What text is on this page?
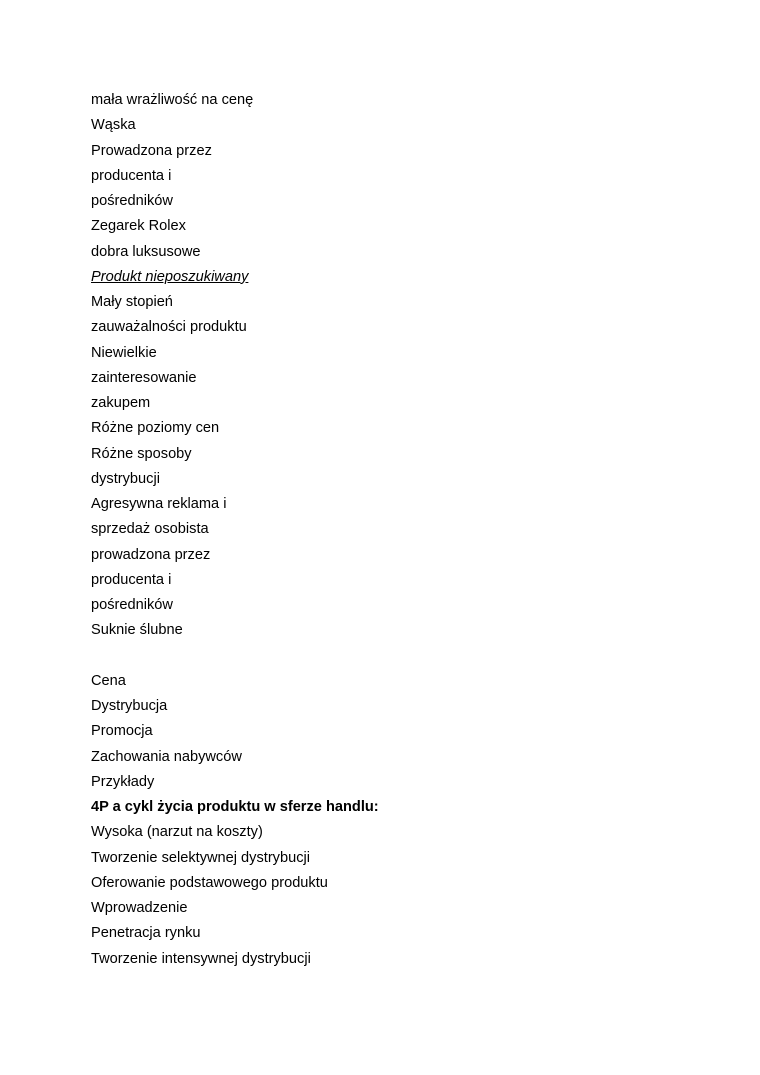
mała wrażliwość na cenę
Wąska
Prowadzona przez
producenta i
pośredników
Zegarek Rolex
dobra luksusowe
Produkt nieposzukiwany
Mały stopień
zauważalności produktu
Niewielkie
zainteresowanie
zakupem
Różne poziomy cen
Różne sposoby
dystrybucji
Agresywna reklama i
sprzedaż osobista
prowadzona przez
producenta i
pośredników
Suknie ślubne
Cena
Dystrybucja
Promocja
Zachowania nabywców
Przykłady
4P a cykl życia produktu w sferze handlu:
Wysoka (narzut na koszty)
Tworzenie selektywnej dystrybucji
Oferowanie podstawowego produktu
Wprowadzenie
Penetracja rynku
Tworzenie intensywnej dystrybucji
